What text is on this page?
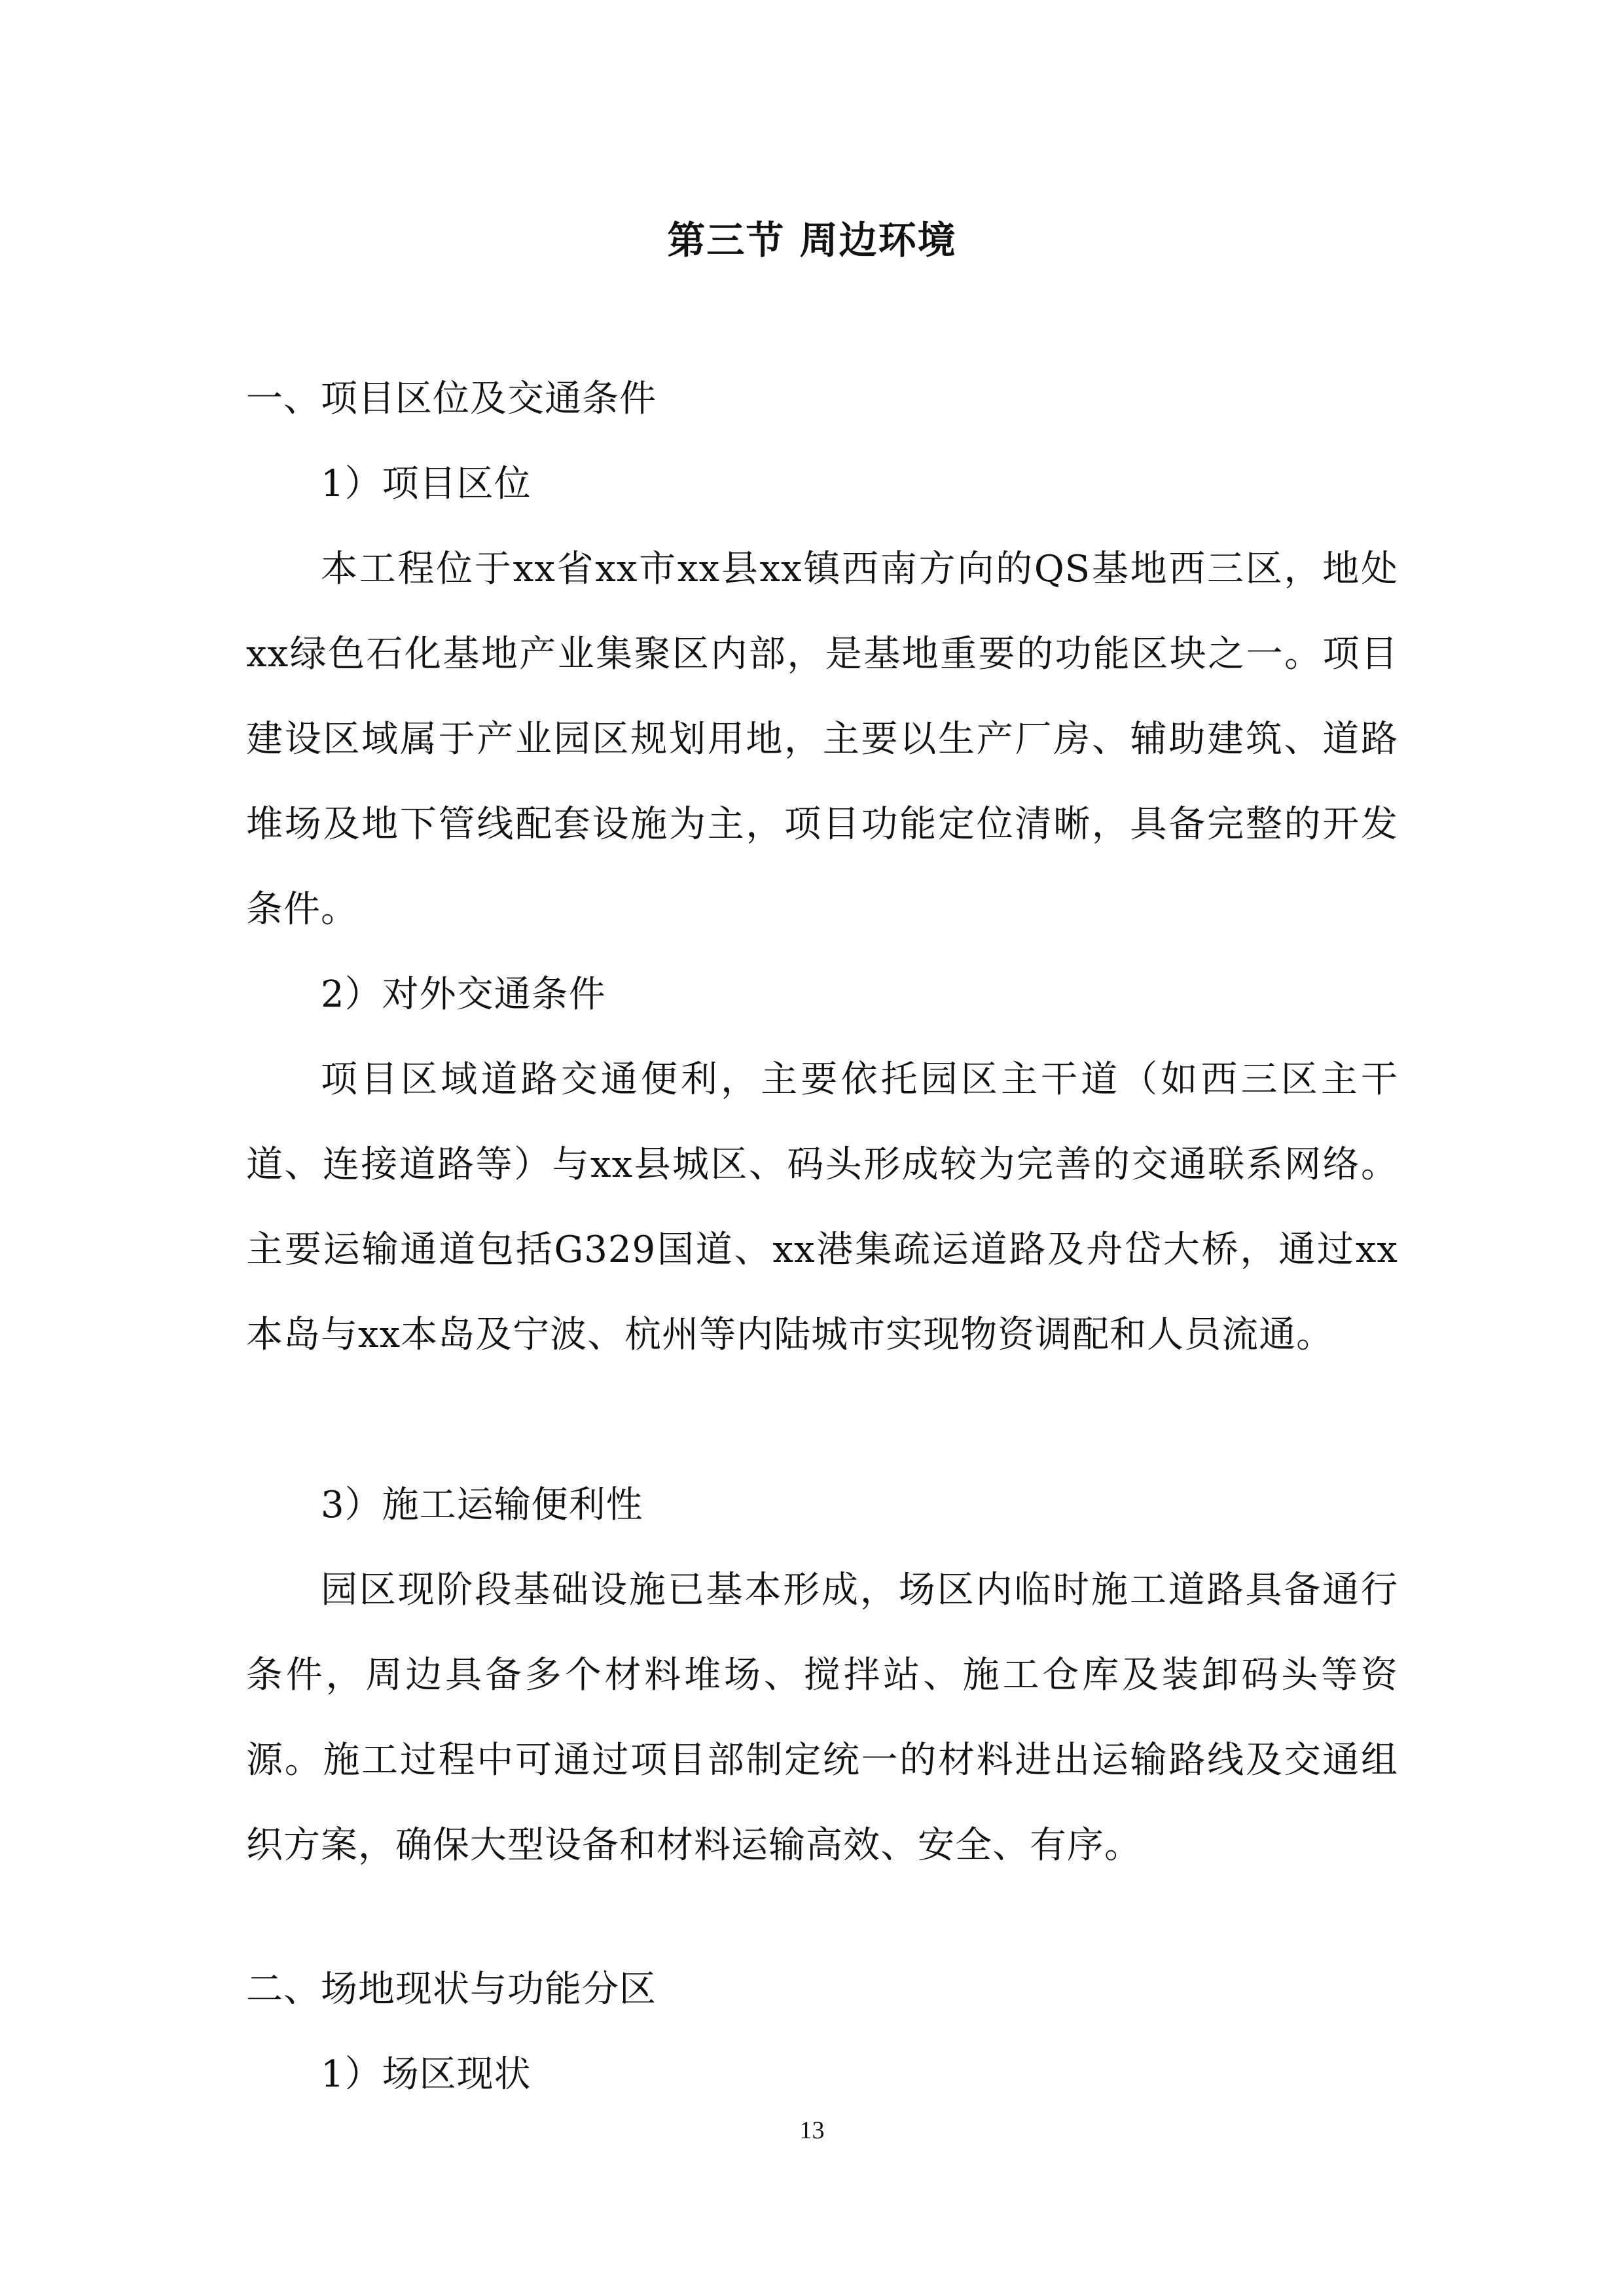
第三节 周边环境
一、项目区位及交通条件
1）项目区位

本工程位于xx省xx市xx县xx镇西南方向的QS基地西三区，地处xx绿色石化基地产业集聚区内部，是基地重要的功能区块之一。项目建设区域属于产业园区规划用地，主要以生产厂房、辅助建筑、道路堆场及地下管线配套设施为主，项目功能定位清晰，具备完整的开发条件。

2）对外交通条件

项目区域道路交通便利，主要依托园区主干道（如西三区主干道、连接道路等）与xx县城区、码头形成较为完善的交通联系网络。主要运输通道包括G329国道、xx港集疏运道路及舟岱大桥，通过xx本岛与xx本岛及宁波、杭州等内陆城市实现物资调配和人员流通。

3）施工运输便利性

园区现阶段基础设施已基本形成，场区内临时施工道路具备通行条件，周边具备多个材料堆场、搅拌站、施工仓库及装卸码头等资源。施工过程中可通过项目部制定统一的材料进出运输路线及交通组织方案，确保大型设备和材料运输高效、安全、有序。

二、场地现状与功能分区
1）场区现状
13
